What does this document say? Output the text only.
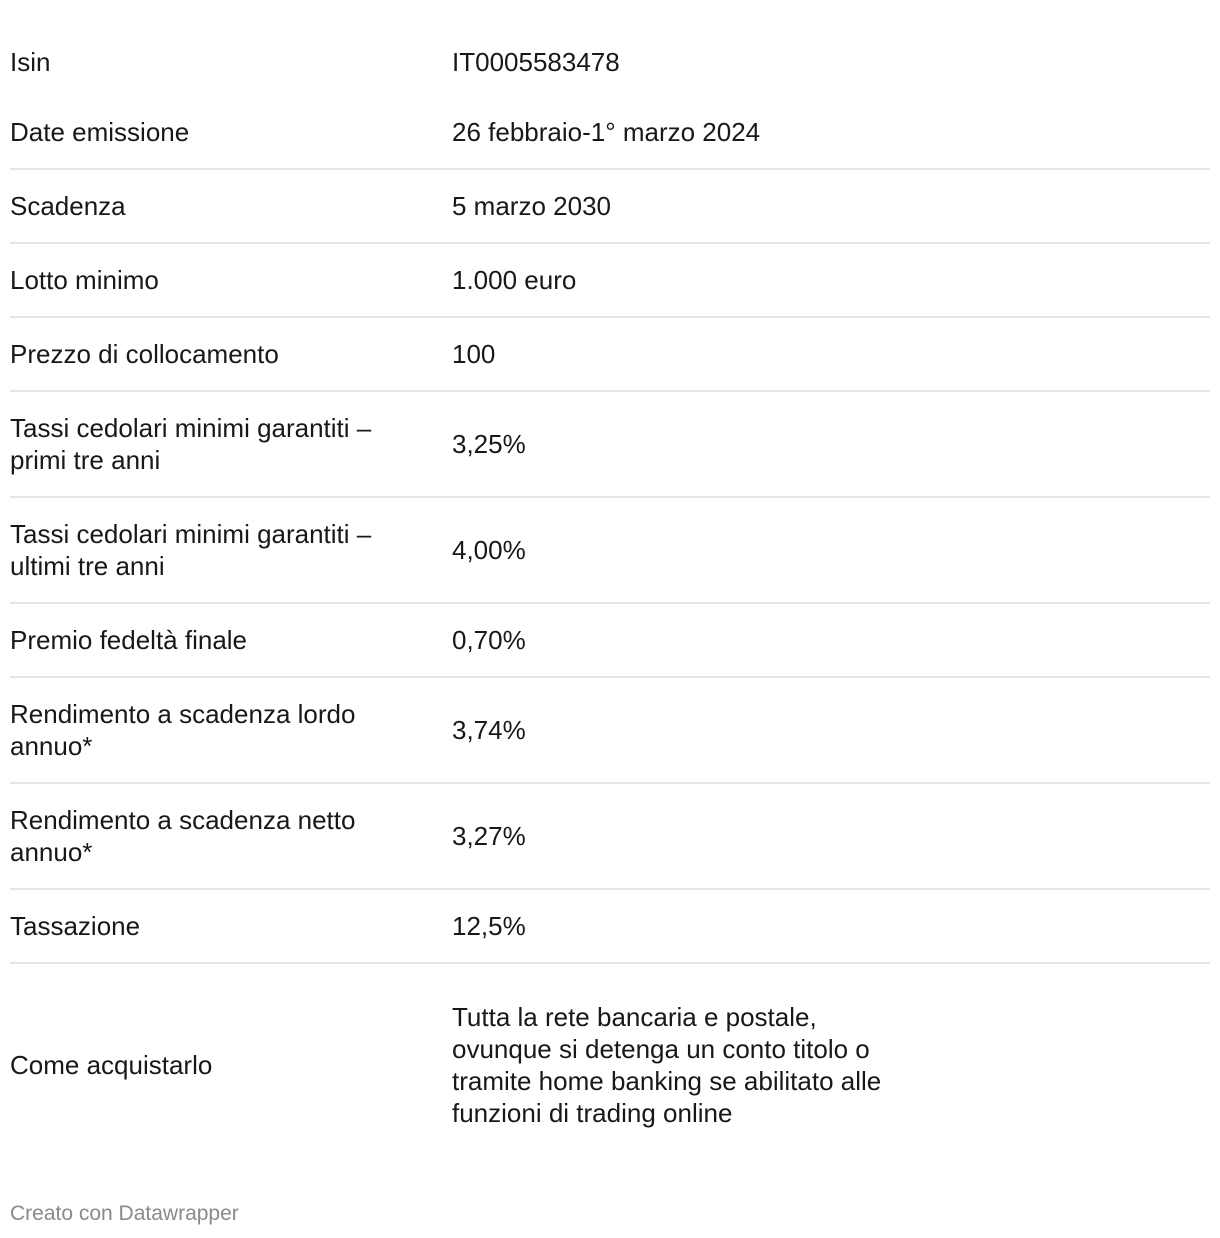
Isin	IT0005583478
Date emissione	26 febbraio-1° marzo 2024
Scadenza	5 marzo 2030
Lotto minimo	1.000 euro
Prezzo di collocamento	100
Tassi cedolari minimi garantiti – primi tre anni	3,25%
Tassi cedolari minimi garantiti – ultimi tre anni	4,00%
Premio fedeltà finale	0,70%
Rendimento a scadenza lordo annuo*	3,74%
Rendimento a scadenza netto annuo*	3,27%
Tassazione	12,5%
Come acquistarlo	Tutta la rete bancaria e postale, ovunque si detenga un conto titolo o tramite home banking se abilitato alle funzioni di trading online
Creato con Datawrapper
